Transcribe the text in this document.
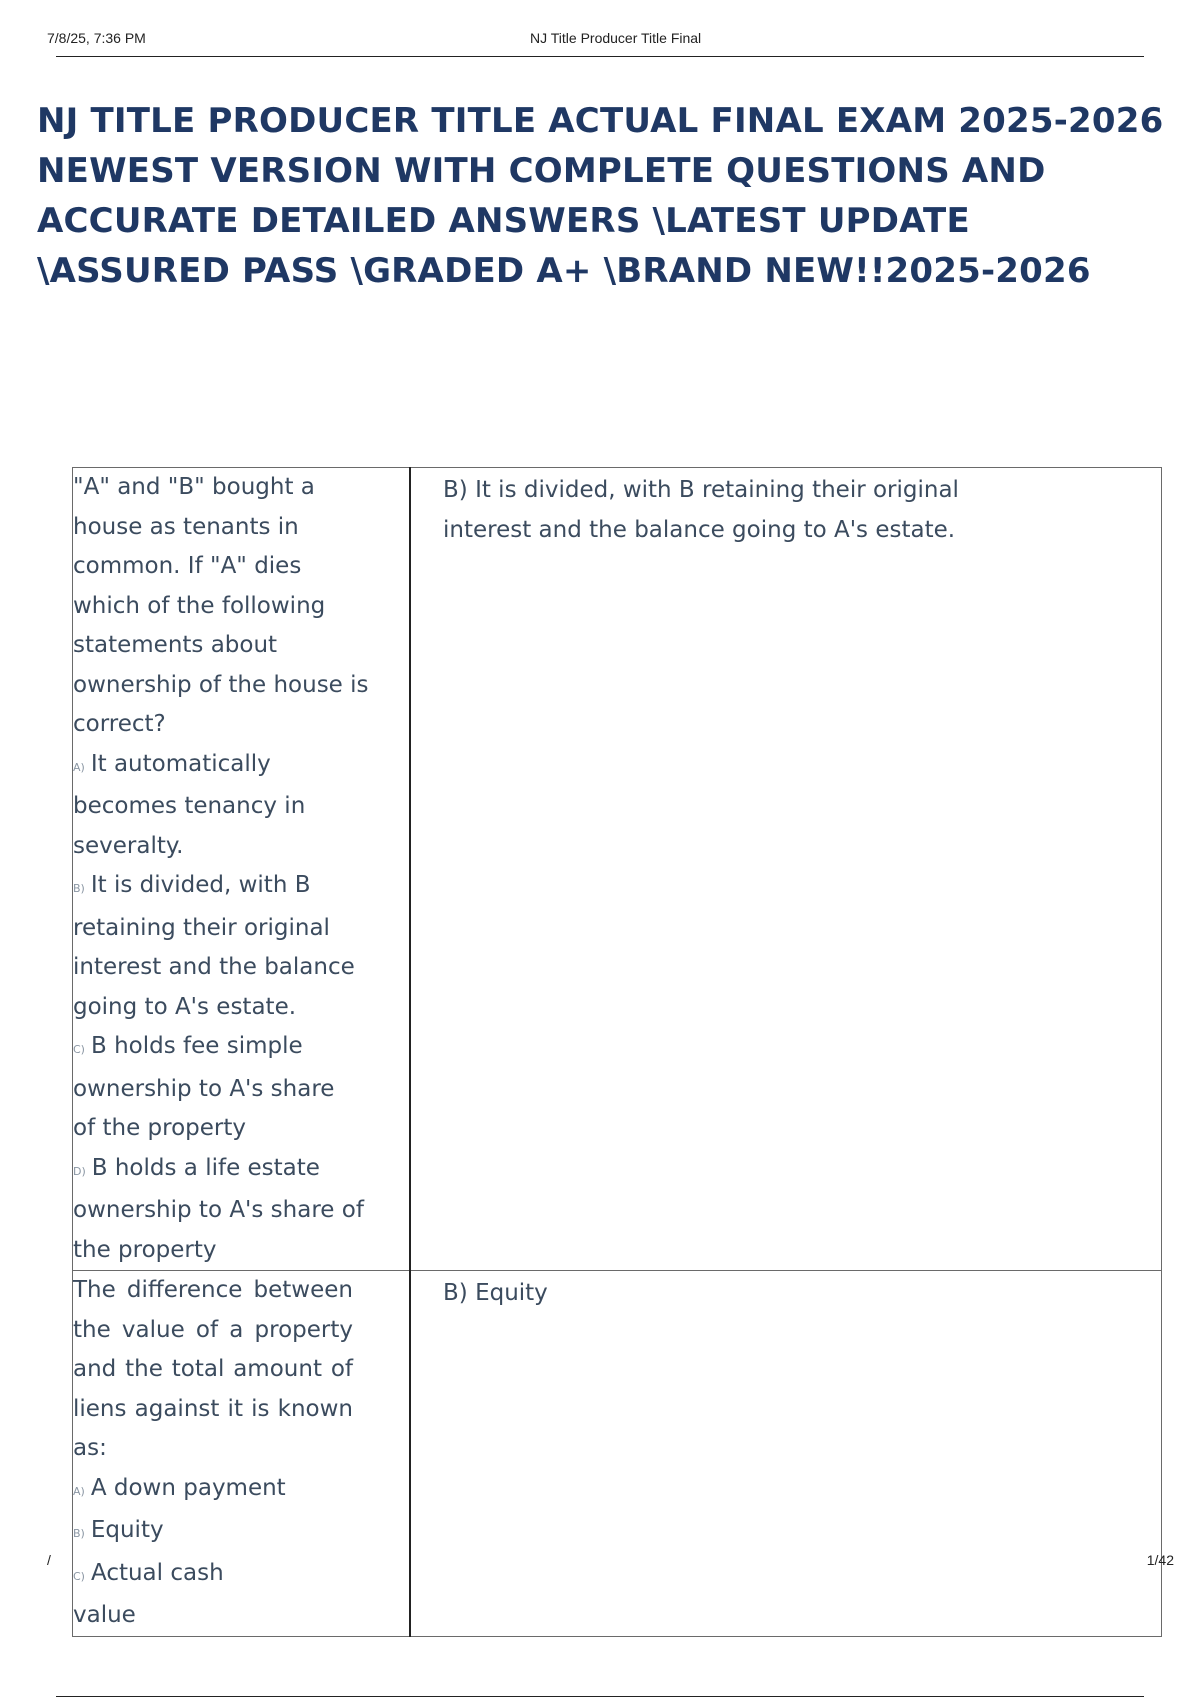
7/8/25, 7:36 PM	NJ Title Producer Title Final
NJ TITLE PRODUCER TITLE ACTUAL FINAL EXAM 2025-2026 NEWEST VERSION WITH COMPLETE QUESTIONS AND ACCURATE DETAILED ANSWERS \LATEST UPDATE \ASSURED PASS \GRADED A+ \BRAND NEW!!2025-2026
"A" and "B" bought a house as tenants in common. If "A" dies which of the following statements about ownership of the house is correct?
A) It automatically becomes tenancy in severalty.
B) It is divided, with B retaining their original interest and the balance going to A's estate.
C) B holds fee simple ownership to A's share of the property
D) B holds a life estate ownership to A's share of the property	B) It is divided, with B retaining their original interest and the balance going to A's estate.

The difference between the value of a property and the total amount of liens against it is known as:
A) A down payment
B) Equity
C) Actual cash value	B) Equity
/	1/42
